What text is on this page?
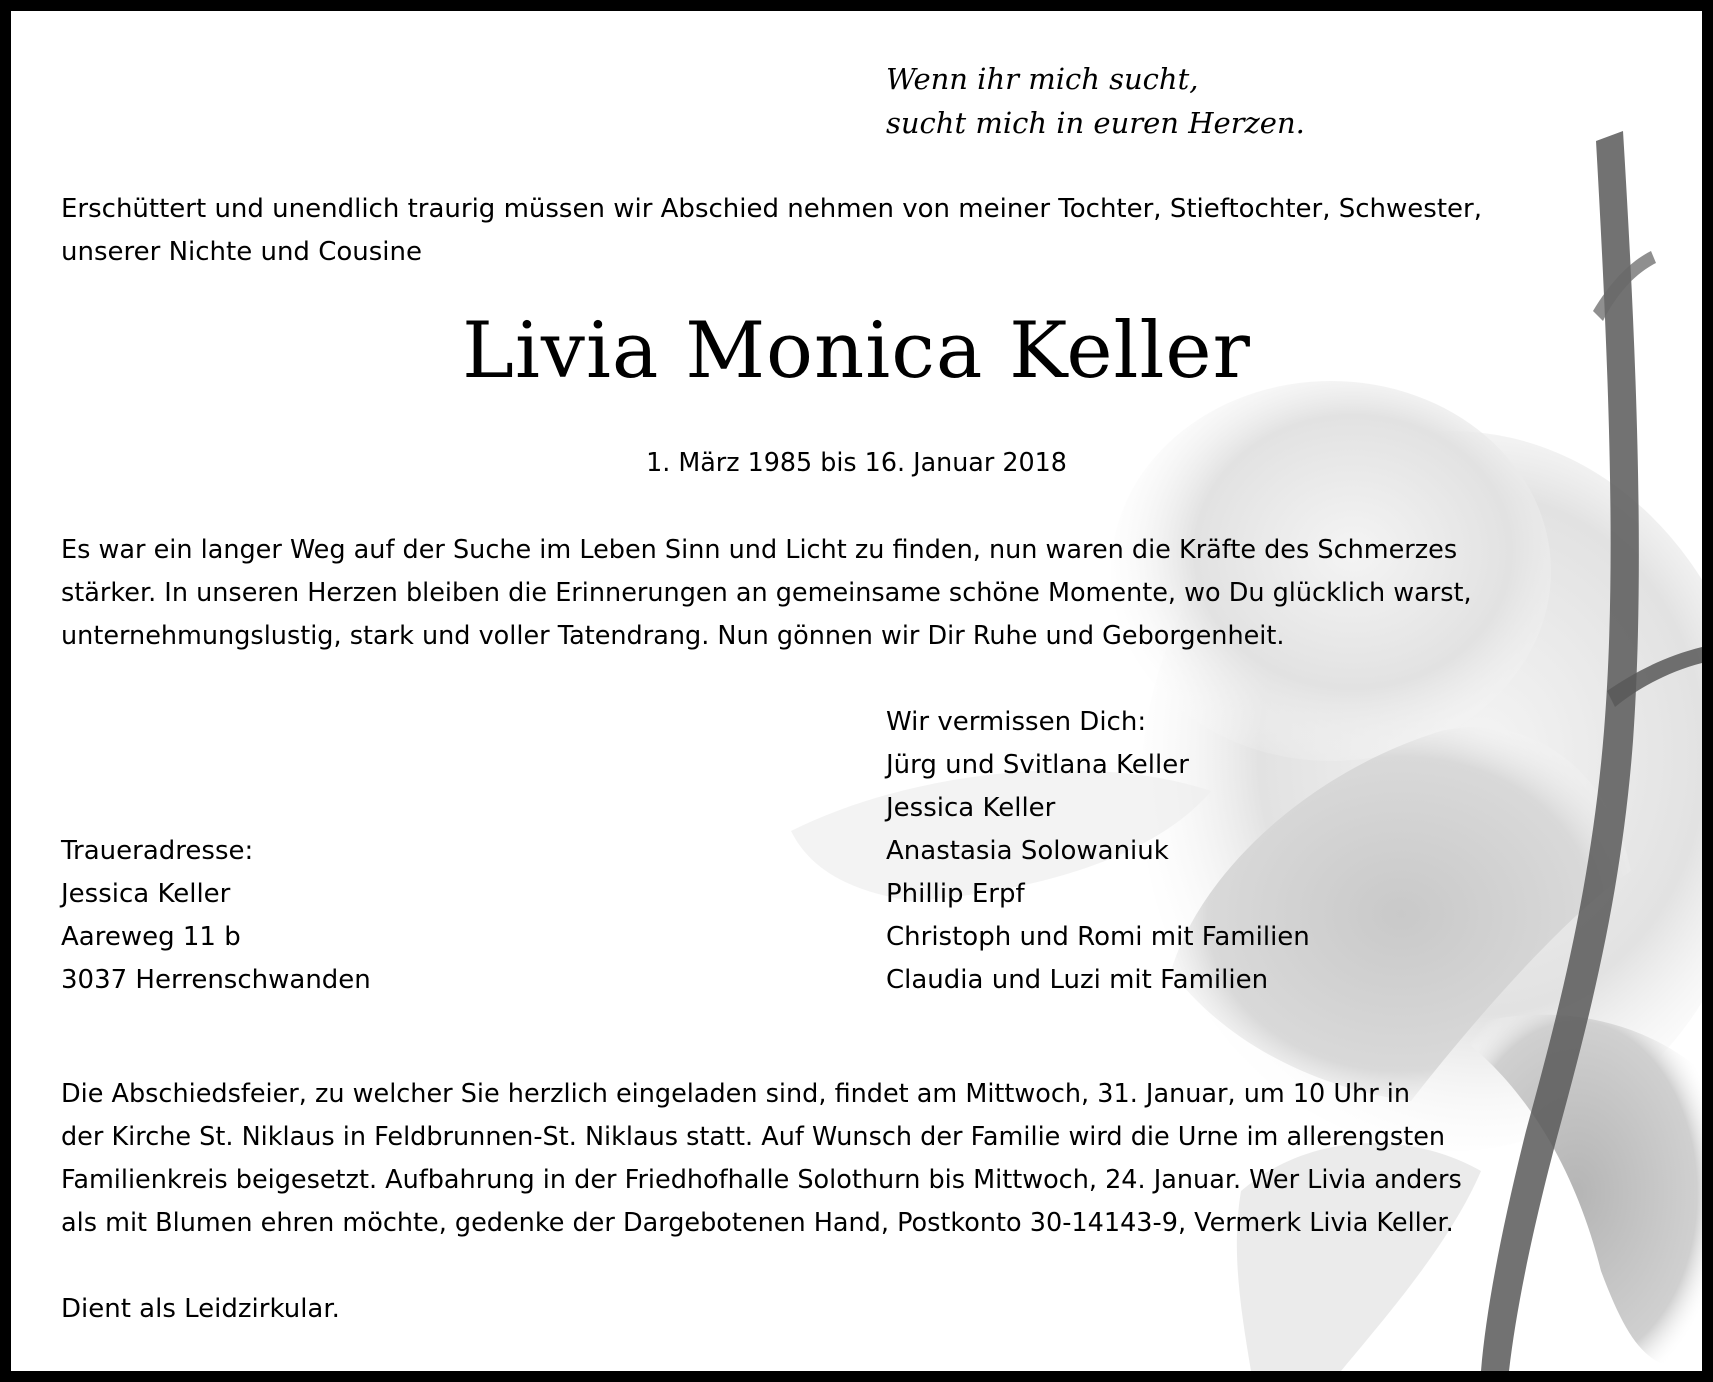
Wenn ihr mich sucht,
sucht mich in euren Herzen.
Erschüttert und unendlich traurig müssen wir Abschied nehmen von meiner Tochter, Stieftochter, Schwester,
unserer Nichte und Cousine
Livia Monica Keller
1. März 1985 bis 16. Januar 2018
Es war ein langer Weg auf der Suche im Leben Sinn und Licht zu finden, nun waren die Kräfte des Schmerzes
stärker. In unseren Herzen bleiben die Erinnerungen an gemeinsame schöne Momente, wo Du glücklich warst,
unternehmungslustig, stark und voller Tatendrang. Nun gönnen wir Dir Ruhe und Geborgenheit.
Wir vermissen Dich:
Jürg und Svitlana Keller
Jessica Keller
Anastasia Solowaniuk
Phillip Erpf
Christoph und Romi mit Familien
Claudia und Luzi mit Familien
Traueradresse:
Jessica Keller
Aareweg 11 b
3037 Herrenschwanden
Die Abschiedsfeier, zu welcher Sie herzlich eingeladen sind, findet am Mittwoch, 31. Januar, um 10 Uhr in
der Kirche St. Niklaus in Feldbrunnen-St. Niklaus statt. Auf Wunsch der Familie wird die Urne im allerengsten
Familienkreis beigesetzt. Aufbahrung in der Friedhofhalle Solothurn bis Mittwoch, 24. Januar. Wer Livia anders
als mit Blumen ehren möchte, gedenke der Dargebotenen Hand, Postkonto 30-14143-9, Vermerk Livia Keller.
Dient als Leidzirkular.
